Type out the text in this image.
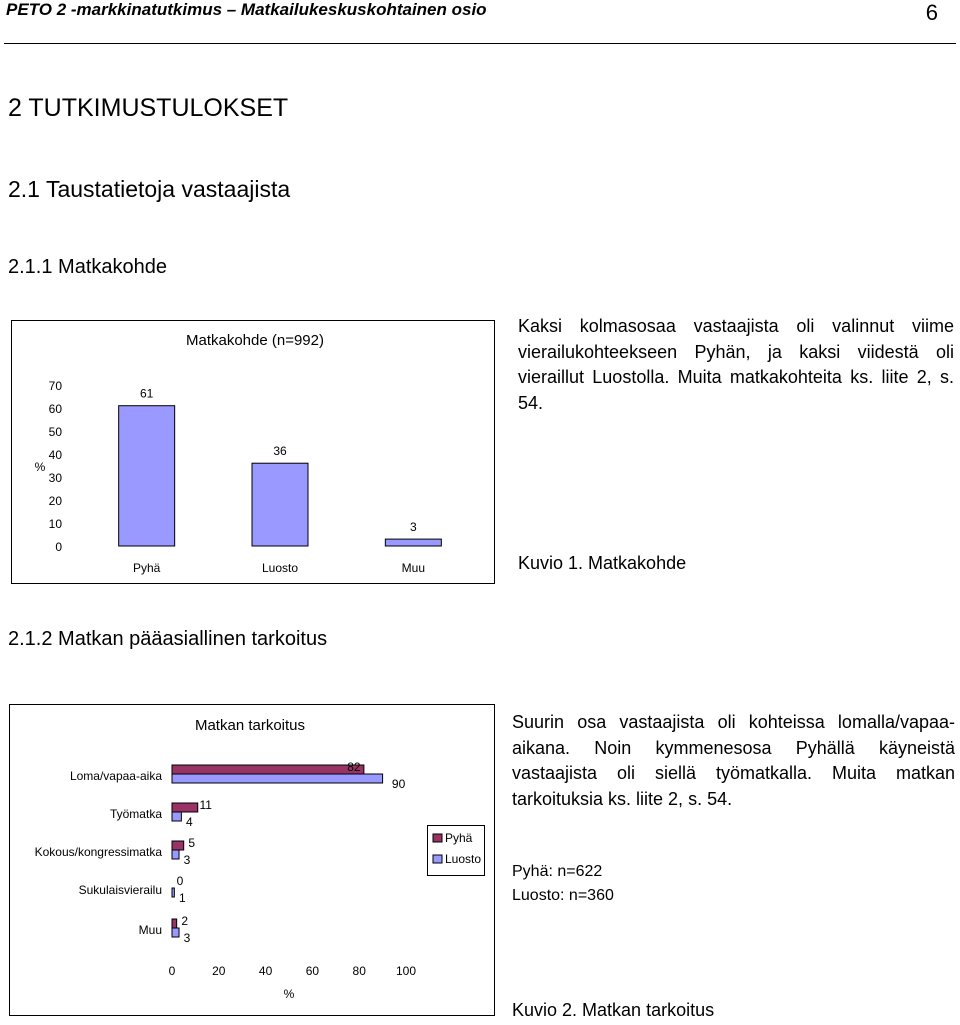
PETO 2 -markkinatutkimus – Matkailukeskuskohtainen osio	6
2 TUTKIMUSTULOKSET
2.1 Taustatietoja vastaajista
2.1.1 Matkakohde
2.1.2 Matkan pääasiallinen tarkoitus
Matkakohde (n=992)
0
10
20
30
40
50
60
70
%
61
Pyhä
36
Luosto
3
Muu
Kaksi kolmasosaa vastaajista oli valinnut viime vierailukohteekseen Pyhän, ja kaksi viidestä oli vieraillut Luostolla. Muita matkakohteita ks. liite 2, s. 54.
Kuvio 1. Matkakohde
Matkan tarkoitus
Loma/vapaa-aika
82
90
Työmatka
11
4
Kokous/kongressimatka
5
3
Sukulaisvierailu
0
1
Muu
2
3
0	20	40	60	80	100
%
Pyhä
Luosto
Suurin osa vastaajista oli kohteissa lomalla/vapaa-aikana. Noin kymmenesosa Pyhällä käyneistä vastaajista oli siellä työmatkalla. Muita matkan tarkoituksia ks. liite 2, s. 54.
Pyhä: n=622
Luosto: n=360
Kuvio 2. Matkan tarkoitus
